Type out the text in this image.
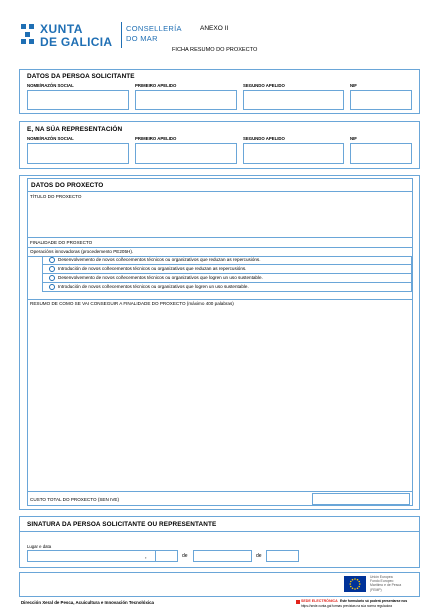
XUNTA
DE GALICIA
CONSELLERÍA
DO MAR
ANEXO II
FICHA RESUMO DO PROXECTO
DATOS DA PERSOA SOLICITANTE
NOME/RAZÓN SOCIAL	PRIMEIRO APELIDO	SEGUNDO APELIDO	NIF
E, NA SÚA REPRESENTACIÓN
NOME/RAZÓN SOCIAL	PRIMEIRO APELIDO	SEGUNDO APELIDO	NIF
DATOS DO PROXECTO
TÍTULO DO PROXECTO
FINALIDADE DO PROXECTO
Operacións innovadoras (procedemento PE205H).
Desenvolvemento de novos coñecementos técnicos ou organizativos que reduzan as repercusións.
Introdución de novos coñecementos técnicos ou organizativos que reduzan as repercusións.
Desenvolvemento de novos coñecementos técnicos ou organizativos que logren un uso sustentable.
Introdución de novos coñecementos técnicos ou organizativos que logren un uso sustentable.
RESUMO DE COMO SE VAI CONSEGUIR A FINALIDADE DO PROXECTO (máximo 400 palabras)
CUSTO TOTAL DO PROXECTO (SEN IVE)
SINATURA DA PERSOA SOLICITANTE OU REPRESENTANTE
Lugar e data
,	de	de
Unión Europea
Fondo Europeo
Marítimo e de Pesca
(FEMP)
Dirección Xeral de Pesca, Acuicultura e Innovación Tecnolóxica	SEDE ELECTRÓNICA Este formulario só poderá presentarse nos
https://sede.xunta.gal formas previstas na súa norma reguladora
